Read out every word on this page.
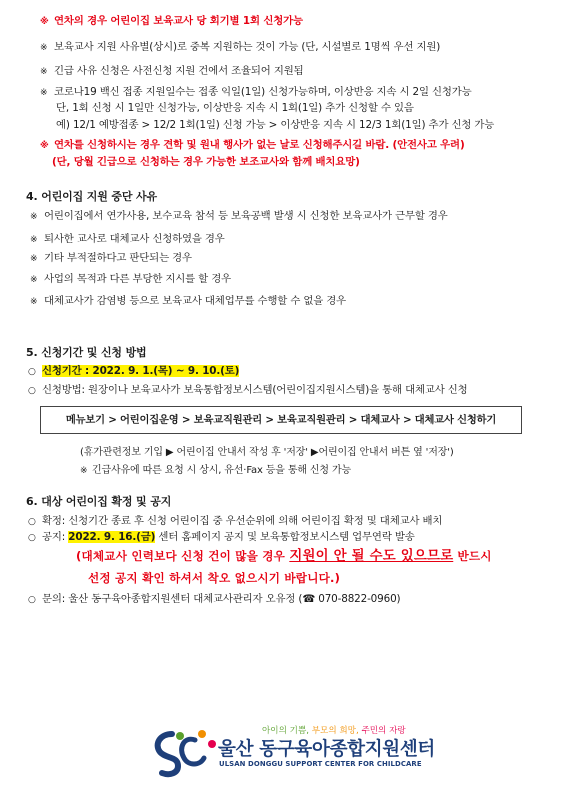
※ 연차의 경우 어린이집 보육교사 당 회기별 1회 신청가능
※ 보육교사 지원 사유별(상시)로 중복 지원하는 것이 가능 (단, 시설별로 1명씩 우선 지원)
※ 긴급 사유 신청은 사전신청 지원 건에서 조율되어 지원됨
※ 코로나19 백신 접종 지원일수는 접종 익일(1일) 신청가능하며, 이상반응 지속 시 2일 신청가능
단, 1회 신청 시 1일만 신청가능, 이상반응 지속 시 1회(1일) 추가 신청할 수 있음
예) 12/1 예방접종 > 12/2 1회(1일) 신청 가능 > 이상반응 지속 시 12/3 1회(1일) 추가 신청 가능
※ 연차를 신청하시는 경우 견학 및 원내 행사가 없는 날로 신청해주시길 바람. (안전사고 우려)
(단, 당월 긴급으로 신청하는 경우 가능한 보조교사와 함께 배치요망)
4. 어린이집 지원 중단 사유
※ 어린이집에서 연가사용, 보수교육 참석 등 보육공백 발생 시 신청한 보육교사가 근무할 경우
※ 퇴사한 교사로 대체교사 신청하였을 경우
※ 기타 부적절하다고 판단되는 경우
※ 사업의 목적과 다른 부당한 지시를 할 경우
※ 대체교사가 감염병 등으로 보육교사 대체업무를 수행할 수 없을 경우
5. 신청기간 및 신청 방법
○ 신청기간 : 2022. 9. 1.(목) ~ 9. 10.(토)
○ 신청방법: 원장이나 보육교사가 보육통합정보시스템(어린이집지원시스템)을 통해 대체교사 신청
메뉴보기 > 어린이집운영 > 보육교직원관리 > 보육교직원관리 > 대체교사 > 대체교사 신청하기
(휴가관련정보 기입 ▶ 어린이집 안내서 작성 후 '저장' ▶어린이집 안내서 버튼 옆 '저장')
※ 긴급사유에 따른 요청 시 상시, 유선·Fax 등을 통해 신청 가능
6. 대상 어린이집 확정 및 공지
○ 확정: 신청기간 종료 후 신청 어린이집 중 우선순위에 의해 어린이집 확정 및 대체교사 배치
○ 공지: 2022. 9. 16.(금) 센터 홈페이지 공지 및 보육통합정보시스템 업무연락 발송
(대체교사 인력보다 신청 건이 많을 경우 지원이 안 될 수도 있으므로 반드시
선정 공지 확인 하셔서 착오 없으시기 바랍니다.)
○ 문의: 울산 동구육아종합지원센터 대체교사관리자 오유정 (☎ 070-8822-0960)
아이의 기쁨, 부모의 희망, 주민의 자랑
울산 동구육아종합지원센터
ULSAN DONGGU SUPPORT CENTER FOR CHILDCARE
